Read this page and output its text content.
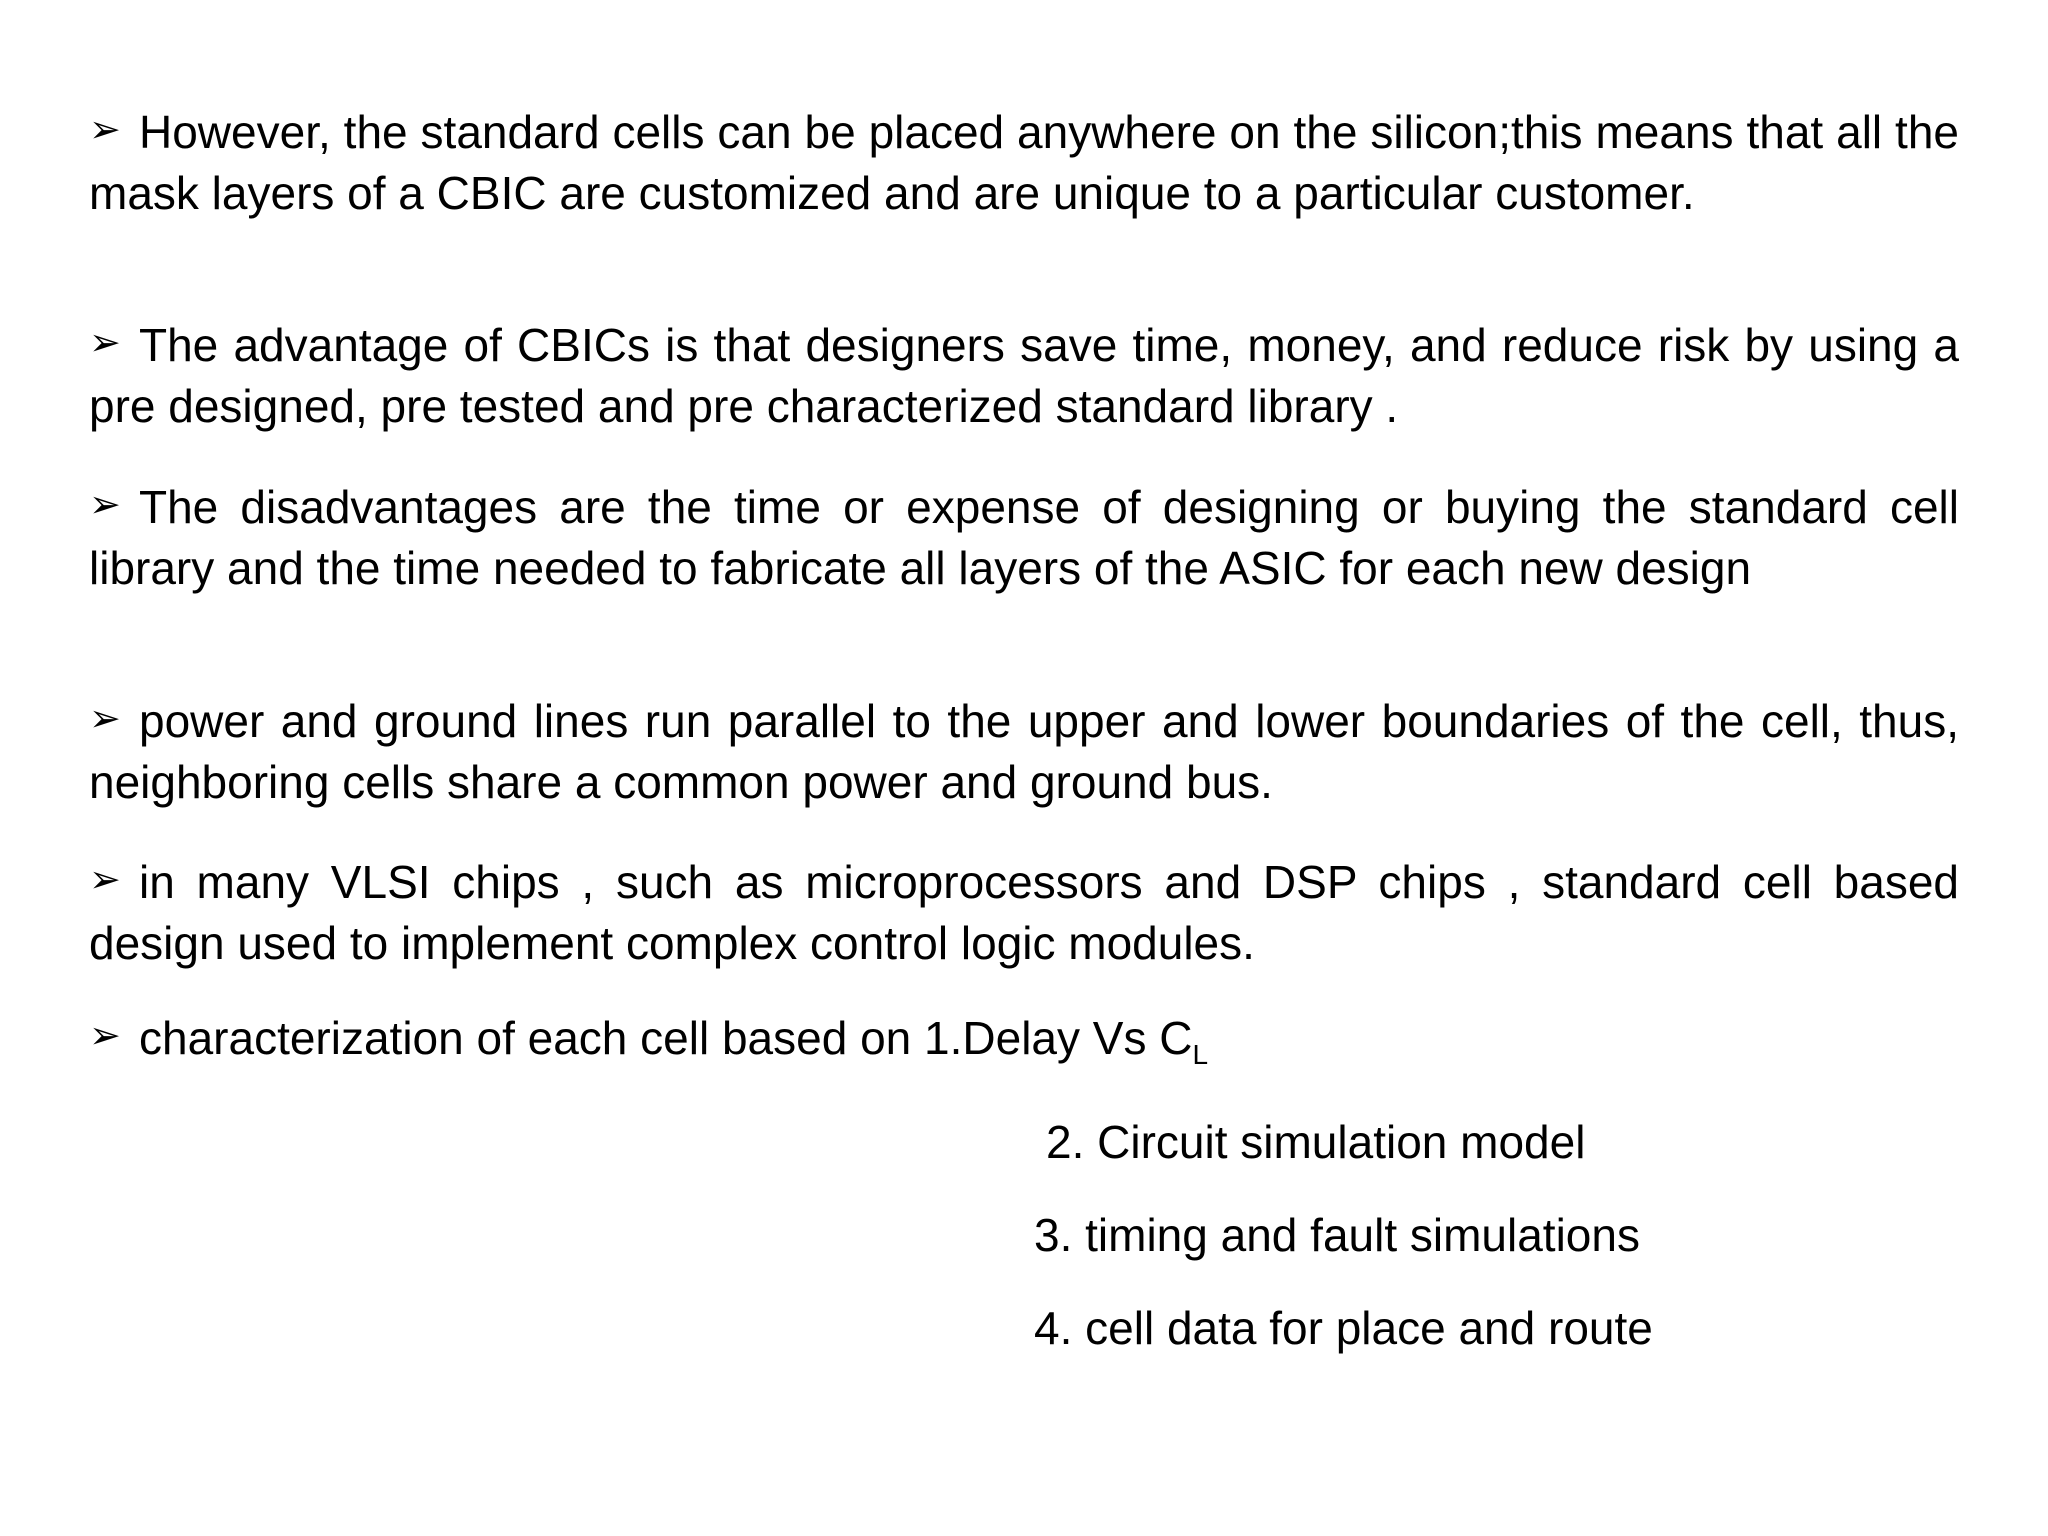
➢ However, the standard cells can be placed anywhere on the silicon;this means that all the mask layers of a CBIC are customized and are unique to a particular customer.
➢ The advantage of CBICs is that designers save time, money, and reduce risk by using a pre designed, pre tested and pre characterized standard library .
➢ The disadvantages are the time or expense of designing or buying the standard cell library and the time needed to fabricate all layers of the ASIC for each new design
➢ power and ground lines run parallel to the upper and lower boundaries of the cell, thus, neighboring cells share a common power and ground bus.
➢ in many VLSI chips , such as microprocessors and DSP chips , standard cell based design used to implement complex control logic modules.
➢ characterization of each cell based on 1.Delay Vs $C_L$
2. Circuit simulation model
3. timing and fault simulations
4. cell data for place and route
